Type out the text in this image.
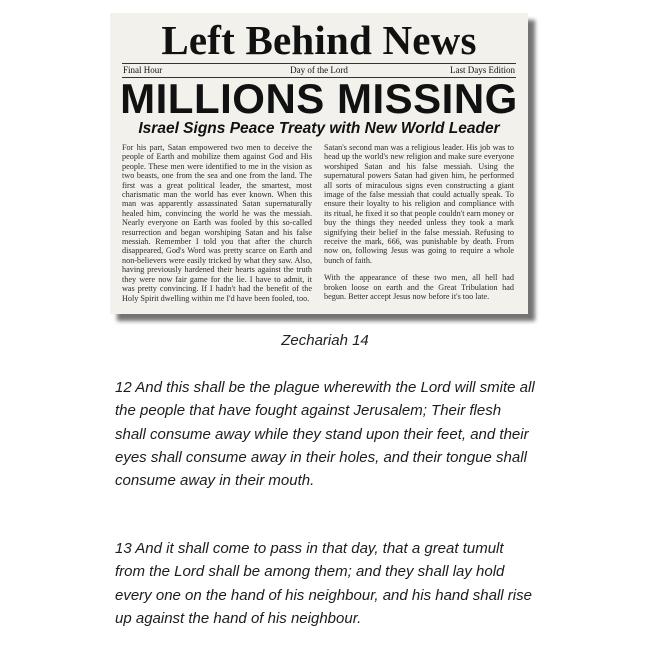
Left Behind News
Day of the Lord
Final Hour	Last Days Edition
MILLIONS MISSING
Israel Signs Peace Treaty with New World Leader

For his part, Satan empowered two men to deceive the people of Earth and mobilize them against God and His people. These men were identified to me in the vision as two beasts, one from the sea and one from the land. The first was a great political leader, the smartest, most charismatic man the world has ever known. When this man was apparently assassinated Satan supernaturally healed him, convincing the world he was the messiah. Nearly everyone on Earth was fooled by this so-called resurrection and began worshiping Satan and his false messiah. Remember I told you that after the church disappeared, God's Word was pretty scarce on Earth and non-believers were easily tricked by what they saw. Also, having previously hardened their hearts against the truth they were now fair game for the lie. I have to admit, it was pretty convincing. If I hadn't had the benefit of the Holy Spirit dwelling within me I'd have been fooled, too.

Satan's second man was a religious leader. His job was to head up the world's new religion and make sure everyone worshiped Satan and his false messiah. Using the supernatural powers Satan had given him, he performed all sorts of miraculous signs even constructing a giant image of the false messiah that could actually speak. To ensure their loyalty to his religion and compliance with its ritual, he fixed it so that people couldn't earn money or buy the things they needed unless they took a mark signifying their belief in the false messiah. Refusing to receive the mark, 666, was punishable by death. From now on, following Jesus was going to require a whole bunch of faith.

With the appearance of these two men, all hell had broken loose on earth and the Great Tribulation had begun. Better accept Jesus now before it's too late.

Zechariah 14

12 And this shall be the plague wherewith the Lord will smite all the people that have fought against Jerusalem; Their flesh shall consume away while they stand upon their feet, and their eyes shall consume away in their holes, and their tongue shall consume away in their mouth.

13 And it shall come to pass in that day, that a great tumult from the Lord shall be among them; and they shall lay hold every one on the hand of his neighbour, and his hand shall rise up against the hand of his neighbour.
